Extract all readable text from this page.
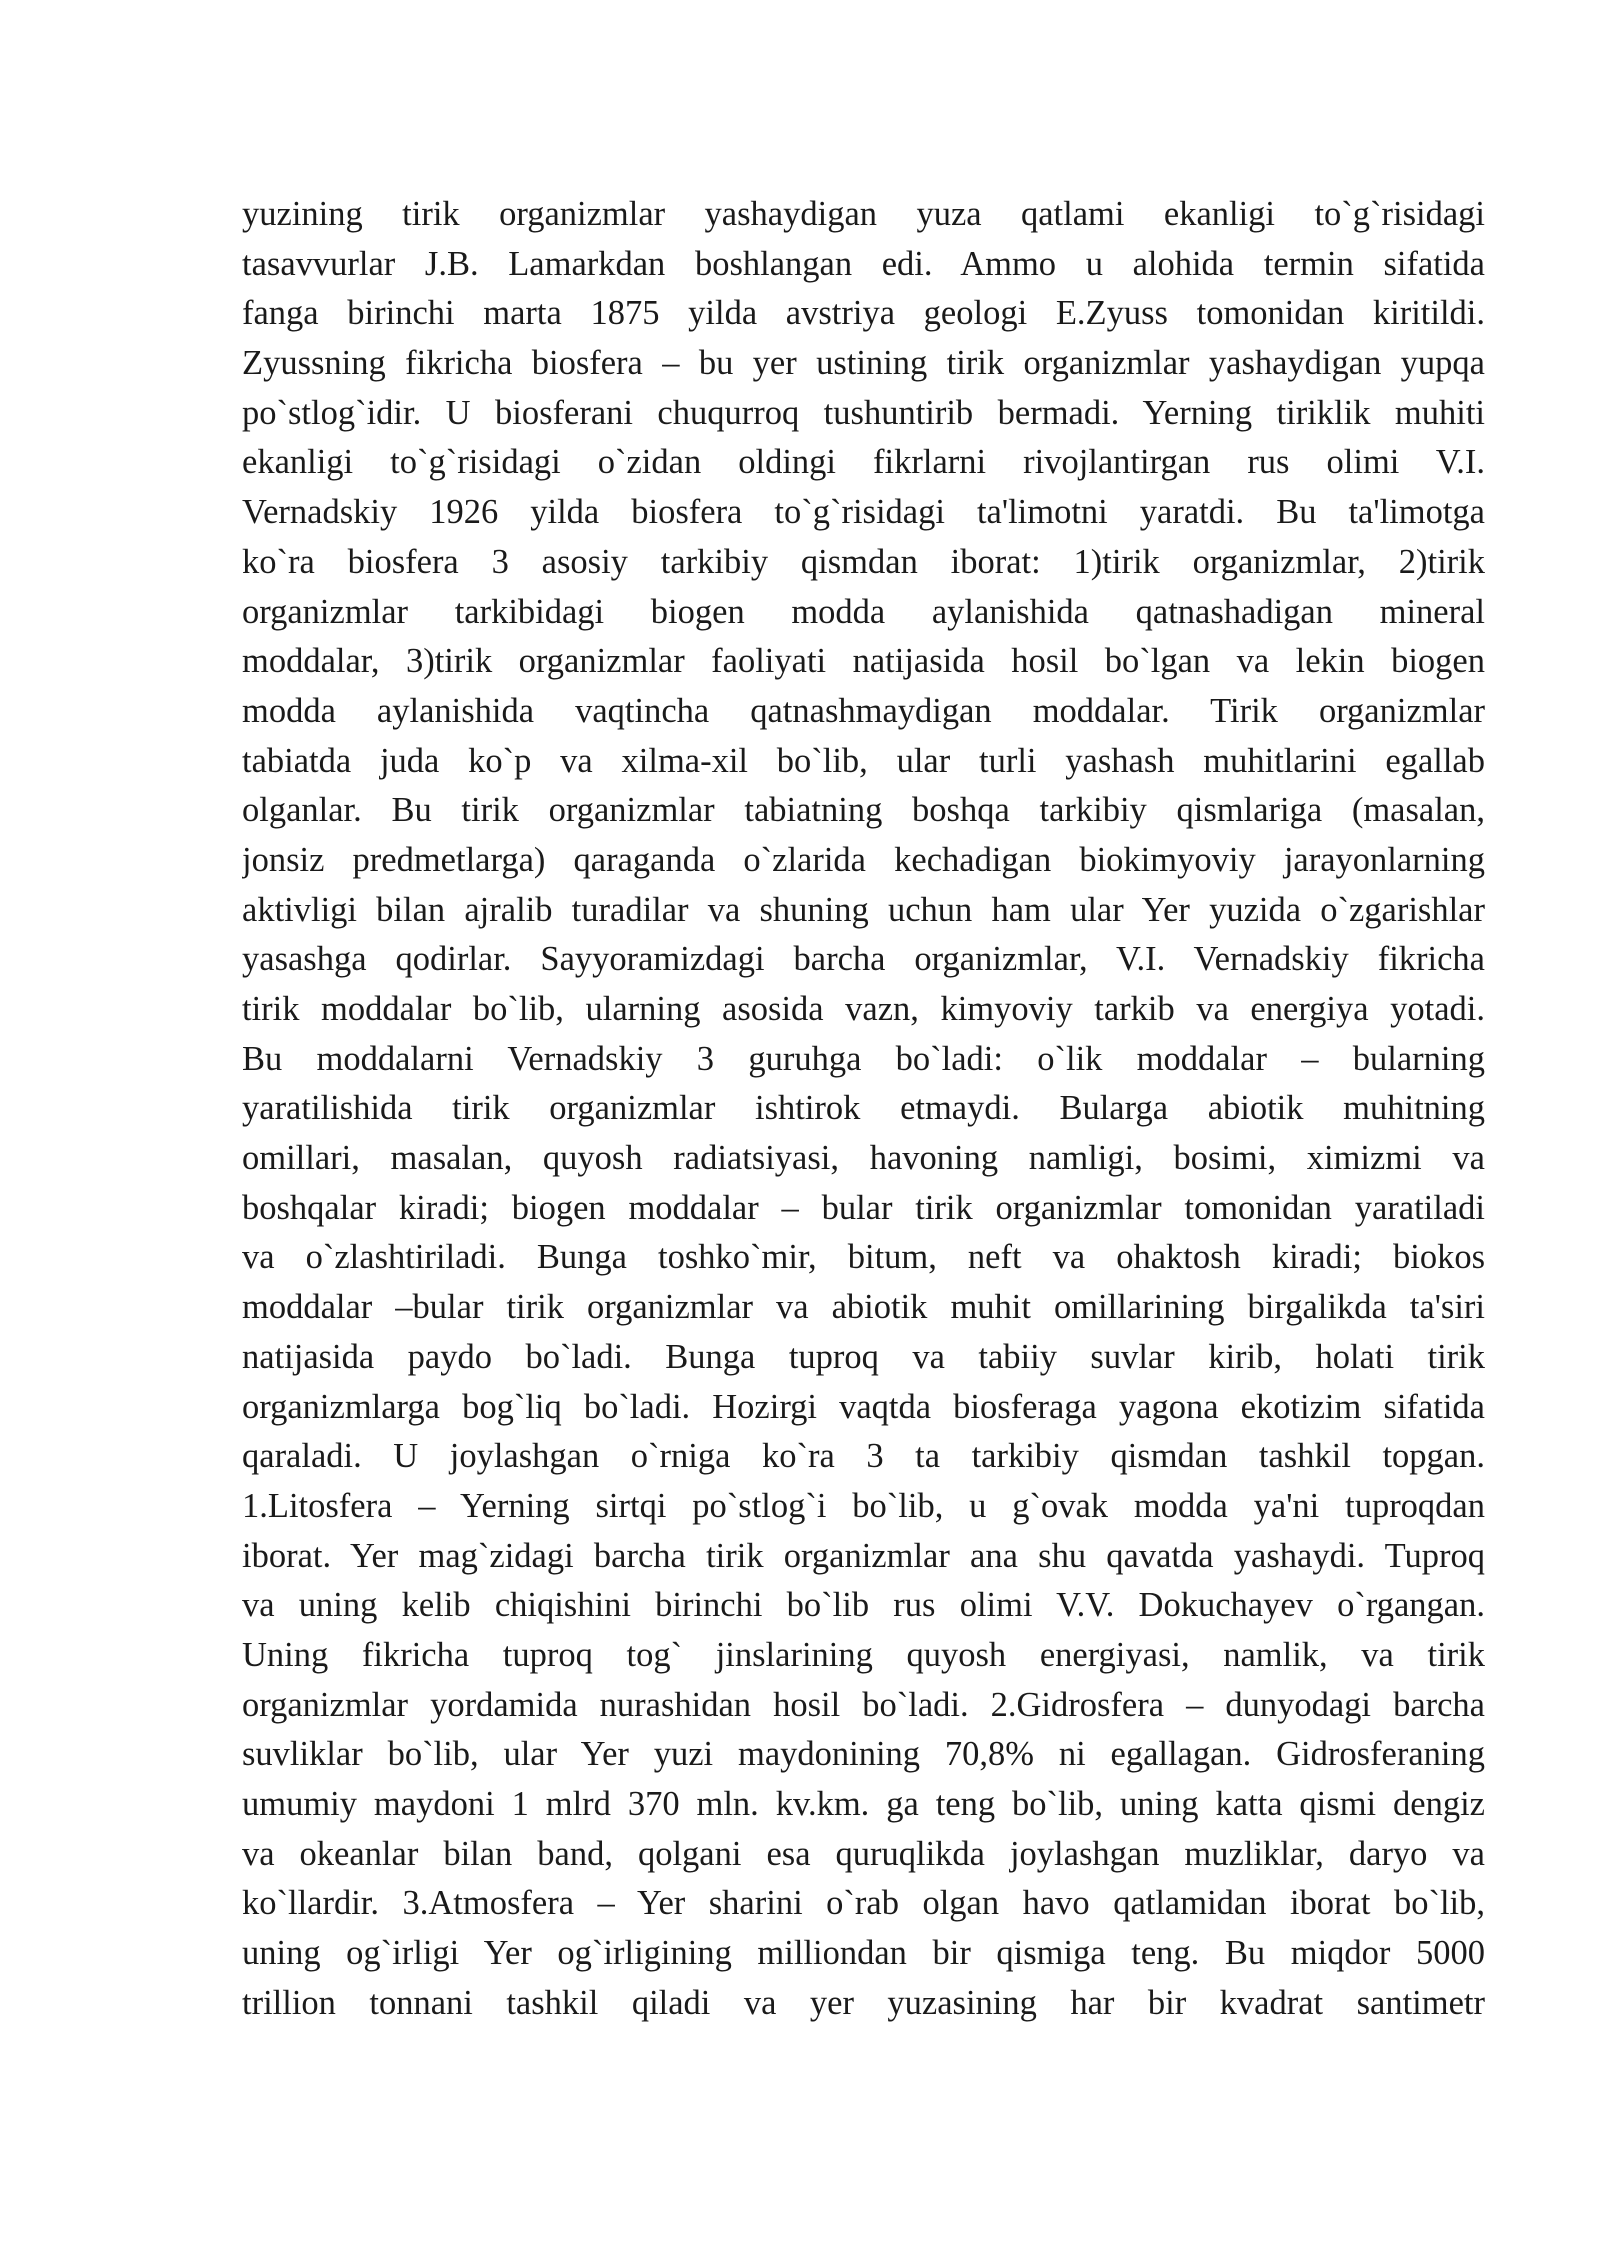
yuzining tirik organizmlar yashaydigan yuza qatlami ekanligi to`g`risidagi
tasavvurlar J.B. Lamarkdan boshlangan edi. Ammo u alohida termin sifatida
fanga birinchi marta 1875 yilda avstriya geologi E.Zyuss tomonidan kiritildi.
Zyussning fikricha biosfera – bu yer ustining tirik organizmlar yashaydigan yupqa
po`stlog`idir. U biosferani chuqurroq tushuntirib bermadi. Yerning tiriklik muhiti
ekanligi to`g`risidagi o`zidan oldingi fikrlarni rivojlantirgan rus olimi V.I.
Vernadskiy 1926 yilda biosfera to`g`risidagi ta'limotni yaratdi. Bu ta'limotga
ko`ra biosfera 3 asosiy tarkibiy qismdan iborat: 1)tirik organizmlar, 2)tirik
organizmlar tarkibidagi biogen modda aylanishida qatnashadigan mineral
moddalar, 3)tirik organizmlar faoliyati natijasida hosil bo`lgan va lekin biogen
modda aylanishida vaqtincha qatnashmaydigan moddalar. Tirik organizmlar
tabiatda juda ko`p va xilma-xil bo`lib, ular turli yashash muhitlarini egallab
olganlar. Bu tirik organizmlar tabiatning boshqa tarkibiy qismlariga (masalan,
jonsiz predmetlarga) qaraganda o`zlarida kechadigan biokimyoviy jarayonlarning
aktivligi bilan ajralib turadilar va shuning uchun ham ular Yer yuzida o`zgarishlar
yasashga qodirlar. Sayyoramizdagi barcha organizmlar, V.I. Vernadskiy fikricha
tirik moddalar bo`lib, ularning asosida vazn, kimyoviy tarkib va energiya yotadi.
Bu moddalarni Vernadskiy 3 guruhga bo`ladi: o`lik moddalar – bularning
yaratilishida tirik organizmlar ishtirok etmaydi. Bularga abiotik muhitning
omillari, masalan, quyosh radiatsiyasi, havoning namligi, bosimi, ximizmi va
boshqalar kiradi; biogen moddalar – bular tirik organizmlar tomonidan yaratiladi
va o`zlashtiriladi. Bunga toshko`mir, bitum, neft va ohaktosh kiradi; biokos
moddalar –bular tirik organizmlar va abiotik muhit omillarining birgalikda ta'siri
natijasida paydo bo`ladi. Bunga tuproq va tabiiy suvlar kirib, holati tirik
organizmlarga bog`liq bo`ladi. Hozirgi vaqtda biosferaga yagona ekotizim sifatida
qaraladi. U joylashgan o`rniga ko`ra 3 ta tarkibiy qismdan tashkil topgan.
1.Litosfera – Yerning sirtqi po`stlog`i bo`lib, u g`ovak modda ya'ni tuproqdan
iborat. Yer mag`zidagi barcha tirik organizmlar ana shu qavatda yashaydi. Tuproq
va uning kelib chiqishini birinchi bo`lib rus olimi V.V. Dokuchayev o`rgangan.
Uning fikricha tuproq tog` jinslarining quyosh energiyasi, namlik, va tirik
organizmlar yordamida nurashidan hosil bo`ladi. 2.Gidrosfera – dunyodagi barcha
suvliklar bo`lib, ular Yer yuzi maydonining 70,8% ni egallagan. Gidrosferaning
umumiy maydoni 1 mlrd 370 mln. kv.km. ga teng bo`lib, uning katta qismi dengiz
va okeanlar bilan band, qolgani esa quruqlikda joylashgan muzliklar, daryo va
ko`llardir. 3.Atmosfera – Yer sharini o`rab olgan havo qatlamidan iborat bo`lib,
uning og`irligi Yer og`irligining milliondan bir qismiga teng. Bu miqdor 5000
trillion tonnani tashkil qiladi va yer yuzasining har bir kvadrat santimetr
